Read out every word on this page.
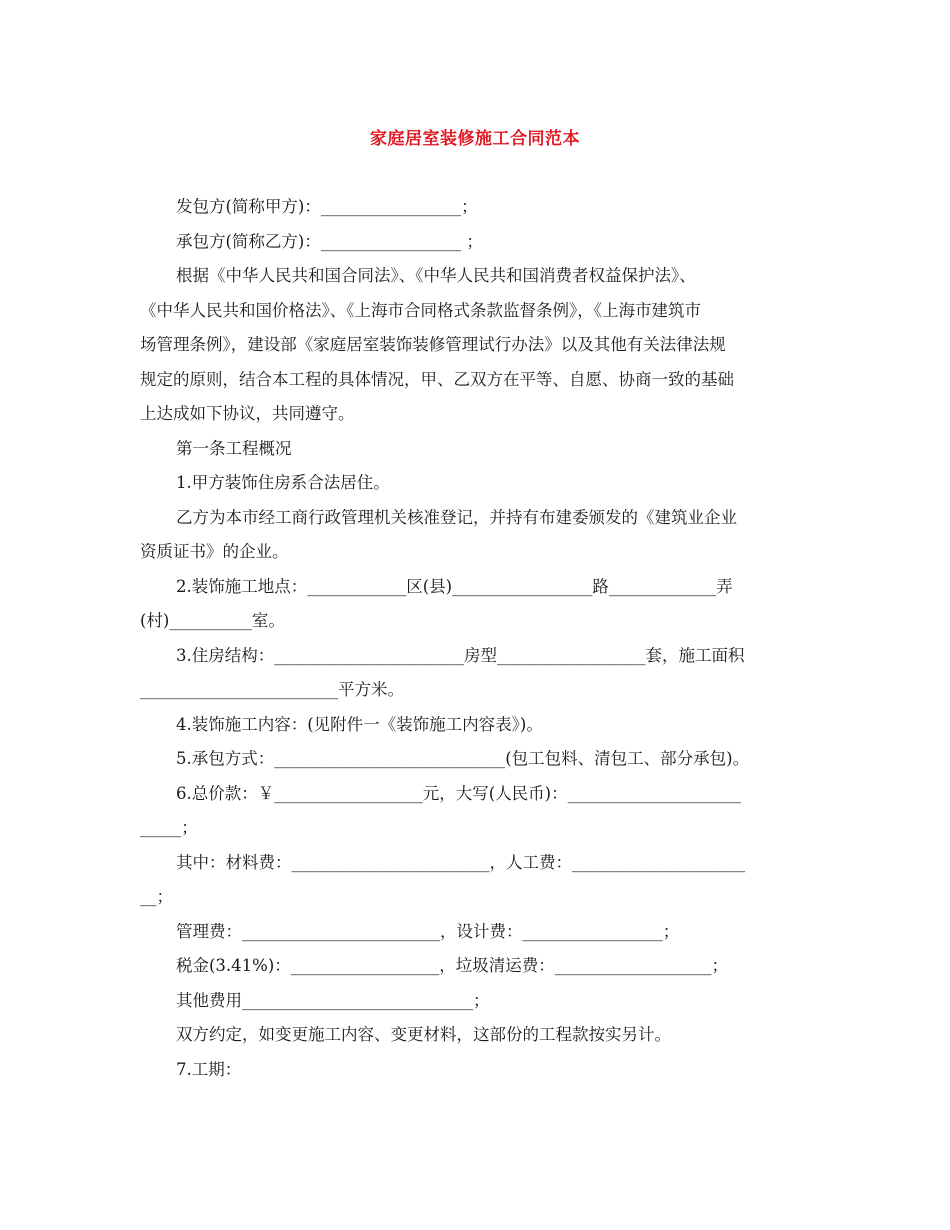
家庭居室装修施工合同范本

发包方(简称甲方)：_________________；

承包方(简称乙方)：_________________ ；

根据《中华人民共和国合同法》、《中华人民共和国消费者权益保护法》、

《中华人民共和国价格法》、《上海市合同格式条款监督条例》，《上海市建筑市

场管理条例》，建设部《家庭居室装饰装修管理试行办法》以及其他有关法律法规

规定的原则，结合本工程的具体情况，甲、乙双方在平等、自愿、协商一致的基础

上达成如下协议，共同遵守。

第一条工程概况

1.甲方装饰住房系合法居住。

乙方为本市经工商行政管理机关核准登记，并持有布建委颁发的《建筑业企业

资质证书》的企业。

2.装饰施工地点：____________区(县)_________________路_____________弄

(村)__________室。

3.住房结构：_______________________房型__________________套，施工面积

________________________平方米。

4.装饰施工内容：(见附件一《装饰施工内容表》)。

5.承包方式：____________________________(包工包料、清包工、部分承包)。

6.总价款：￥__________________元，大写(人民币)：_____________________

_____；

其中：材料费：________________________，人工费：_____________________

__；

管理费：________________________，设计费：_________________；

税金(3.41%)：__________________，垃圾清运费：___________________；

其他费用____________________________；

双方约定，如变更施工内容、变更材料，这部份的工程款按实另计。

7.工期：
